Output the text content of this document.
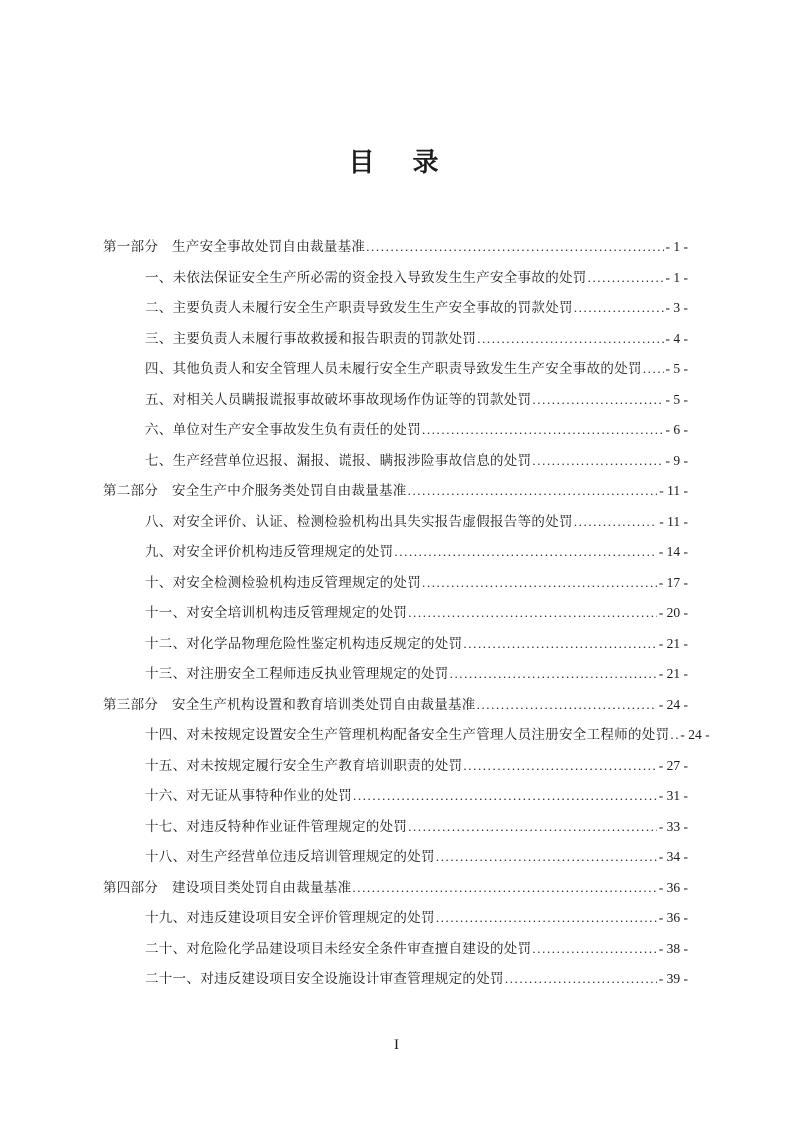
目　录
第一部分　生产安全事故处罚自由裁量基准 .....	- 1 -
一、未依法保证安全生产所必需的资金投入导致发生生产安全事故的处罚 .....	- 1 -
二、主要负责人未履行安全生产职责导致发生生产安全事故的罚款处罚 .....	- 3 -
三、主要负责人未履行事故救援和报告职责的罚款处罚 .....	- 4 -
四、其他负责人和安全管理人员未履行安全生产职责导致发生生产安全事故的处罚 ..... - 5 -
五、对相关人员瞒报谎报事故破坏事故现场作伪证等的罚款处罚 .....	- 5 -
六、单位对生产安全事故发生负有责任的处罚 .....	- 6 -
七、生产经营单位迟报、漏报、谎报、瞒报涉险事故信息的处罚 .....	- 9 -
第二部分　安全生产中介服务类处罚自由裁量基准 .....	- 11 -
八、对安全评价、认证、检测检验机构出具失实报告虚假报告等的处罚 .....	- 11 -
九、对安全评价机构违反管理规定的处罚 .....	- 14 -
十、对安全检测检验机构违反管理规定的处罚 .....	- 17 -
十一、对安全培训机构违反管理规定的处罚 .....	- 20 -
十二、对化学品物理危险性鉴定机构违反规定的处罚 .....	- 21 -
十三、对注册安全工程师违反执业管理规定的处罚 .....	- 21 -
第三部分　安全生产机构设置和教育培训类处罚自由裁量基准 .....	- 24 -
十四、对未按规定设置安全生产管理机构配备安全生产管理人员注册安全工程师的处罚 ..... - 24 -
十五、对未按规定履行安全生产教育培训职责的处罚 .....	- 27 -
十六、对无证从事特种作业的处罚 .....	- 31 -
十七、对违反特种作业证件管理规定的处罚 .....	- 33 -
十八、对生产经营单位违反培训管理规定的处罚 .....	- 34 -
第四部分　建设项目类处罚自由裁量基准 .....	- 36 -
十九、对违反建设项目安全评价管理规定的处罚 .....	- 36 -
二十、对危险化学品建设项目未经安全条件审查擅自建设的处罚 .....	- 38 -
二十一、对违反建设项目安全设施设计审查管理规定的处罚 .....	- 39 -
I
